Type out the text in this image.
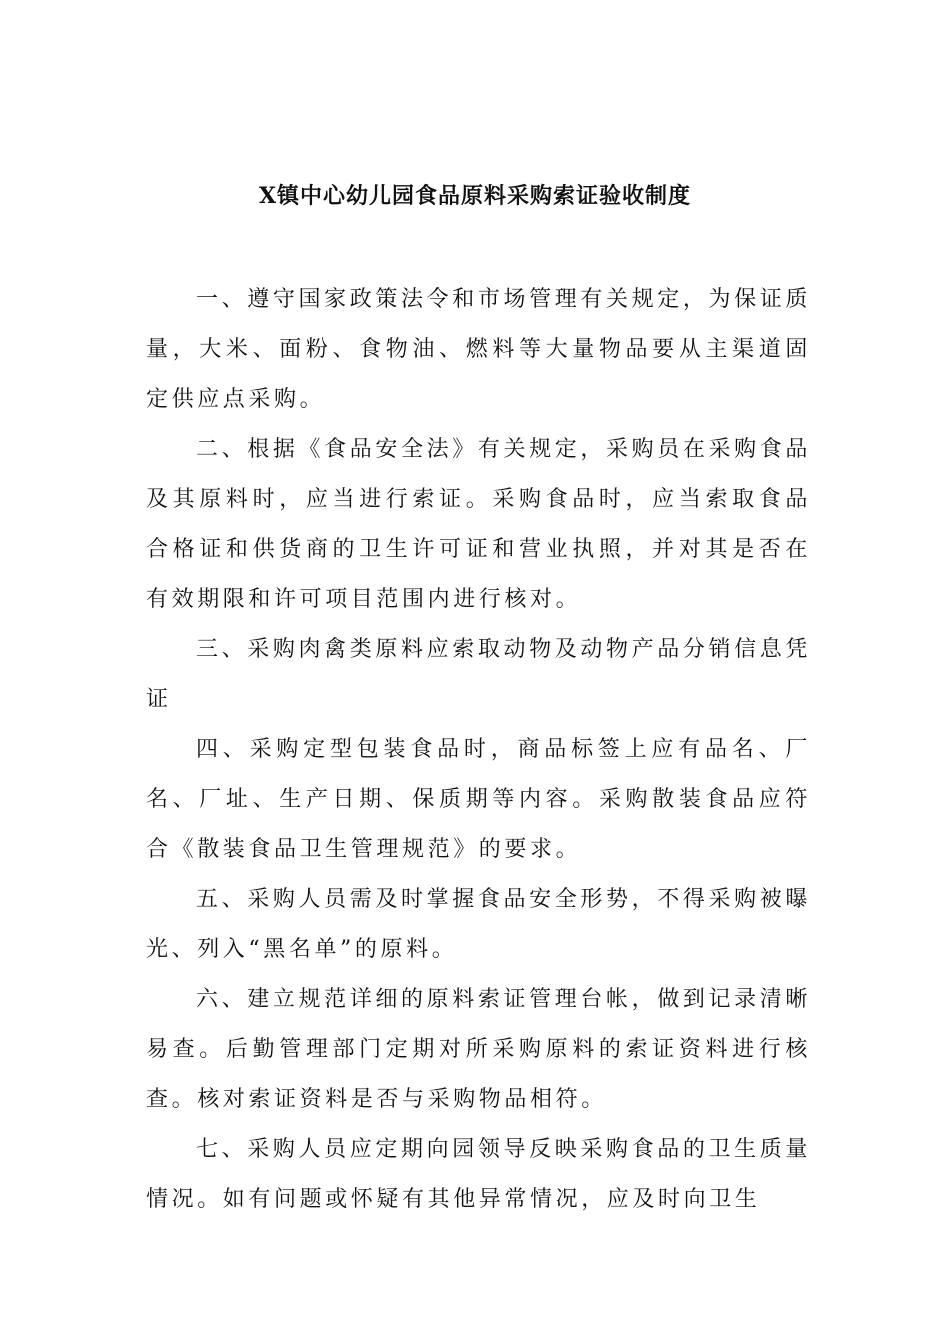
X镇中心幼儿园食品原料采购索证验收制度

一、遵守国家政策法令和市场管理有关规定，为保证质量，大米、面粉、食物油、燃料等大量物品要从主渠道固定供应点采购。

二、根据《食品安全法》有关规定，采购员在采购食品及其原料时，应当进行索证。采购食品时，应当索取食品合格证和供货商的卫生许可证和营业执照，并对其是否在有效期限和许可项目范围内进行核对。

三、采购肉禽类原料应索取动物及动物产品分销信息凭证

四、采购定型包装食品时，商品标签上应有品名、厂名、厂址、生产日期、保质期等内容。采购散装食品应符合《散装食品卫生管理规范》的要求。

五、采购人员需及时掌握食品安全形势，不得采购被曝光、列入“黑名单”的原料。

六、建立规范详细的原料索证管理台帐，做到记录清晰易查。后勤管理部门定期对所采购原料的索证资料进行核查。核对索证资料是否与采购物品相符。

七、采购人员应定期向园领导反映采购食品的卫生质量情况。如有问题或怀疑有其他异常情况，应及时向卫生
